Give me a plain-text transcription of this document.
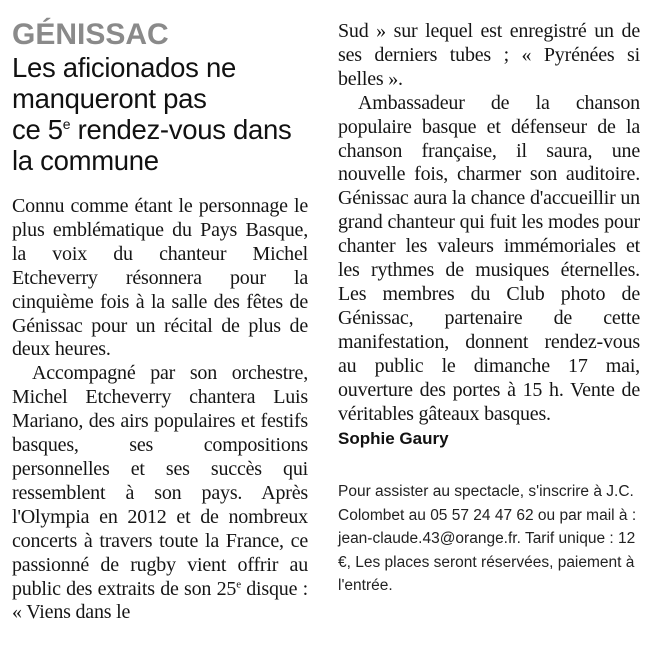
GÉNISSAC
Les aficionados ne
manqueront pas
ce 5e rendez-vous dans
la commune

Connu comme étant le personnage le plus emblématique du Pays Basque, la voix du chanteur Michel Etcheverry résonnera pour la cinquième fois à la salle des fêtes de Génissac pour un récital de plus de deux heures.

Accompagné par son orchestre, Michel Etcheverry chantera Luis Mariano, des airs populaires et festifs basques, ses compositions personnelles et ses succès qui ressemblent à son pays. Après l'Olympia en 2012 et de nombreux concerts à travers toute la France, ce passionné de rugby vient offrir au public des extraits de son 25e disque : « Viens dans le

Sud » sur lequel est enregistré un de ses derniers tubes ; « Pyrénées si belles ».

Ambassadeur de la chanson populaire basque et défenseur de la chanson française, il saura, une nouvelle fois, charmer son auditoire. Génissac aura la chance d'accueillir un grand chanteur qui fuit les modes pour chanter les valeurs immémoriales et les rythmes de musiques éternelles. Les membres du Club photo de Génissac, partenaire de cette manifestation, donnent rendez-vous au public le dimanche 17 mai, ouverture des portes à 15 h. Vente de véritables gâteaux basques.

Sophie Gaury
Pour assister au spectacle, s'inscrire à J.C. Colombet au 05 57 24 47 62 ou par mail à : jean-claude.43@orange.fr. Tarif unique : 12 €, Les places seront réservées, paiement à l'entrée.
